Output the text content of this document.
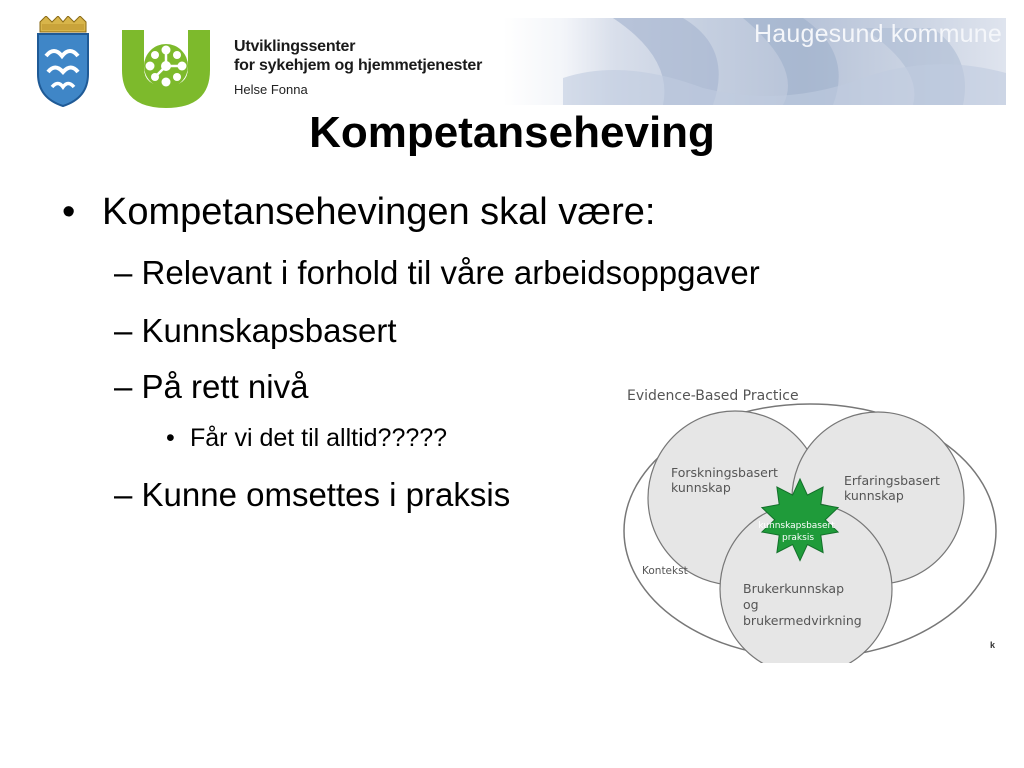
Utviklingssenter
for sykehjem og hjemmetjenester
Helse Fonna
Haugesund kommune
Kompetanseheving
• Kompetansehevingen skal være:
– Relevant i forhold til våre arbeidsoppgaver
– Kunnskapsbasert
– På rett nivå
• Får vi det til alltid?????
– Kunne omsettes i praksis
Evidence-Based Practice
Forskningsbasert kunnskap	Erfaringsbasert kunnskap
Brukerkunnskap og brukermedvirkning
kunnskapsbasert praksis
Kontekst
k
